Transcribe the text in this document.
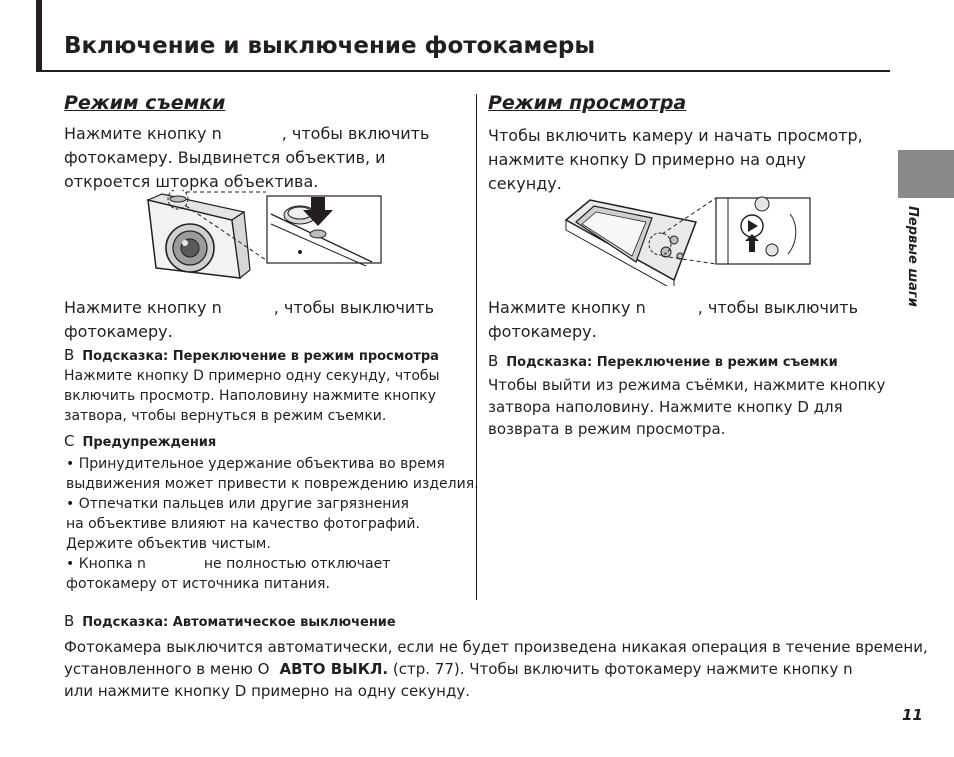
Включение и выключение фотокамеры
Первые шаги
Режим съемки
Нажмите кнопку n	, чтобы включить
фотокамеру. Выдвинется объектив, и
откроется шторка объектива.
Нажмите кнопку n	, чтобы выключить
фотокамеру.
B Подсказка: Переключение в режим просмотра
Нажмите кнопку D примерно одну секунду, чтобы
включить просмотр. Наполовину нажмите кнопку
затвора, чтобы вернуться в режим съемки.
C Предупреждения
• Принудительное удержание объектива во время
выдвижения может привести к повреждению изделия.
• Отпечатки пальцев или другие загрязнения
на объективе влияют на качество фотографий.
Держите объектив чистым.
• Кнопка n	не полностью отключает
фотокамеру от источника питания.
Режим просмотра
Чтобы включить камеру и начать просмотр,
нажмите кнопку D примерно на одну
секунду.
Нажмите кнопку n	, чтобы выключить
фотокамеру.
B Подсказка: Переключение в режим съемки
Чтобы выйти из режима съёмки, нажмите кнопку
затвора наполовину. Нажмите кнопку D для
возврата в режим просмотра.
B Подсказка: Автоматическое выключение
Фотокамера выключится автоматически, если не будет произведена никакая операция в течение времени,
установленного в меню O АВТО ВЫКЛ. (стр. 77). Чтобы включить фотокамеру нажмите кнопку n
или нажмите кнопку D примерно на одну секунду.
11
